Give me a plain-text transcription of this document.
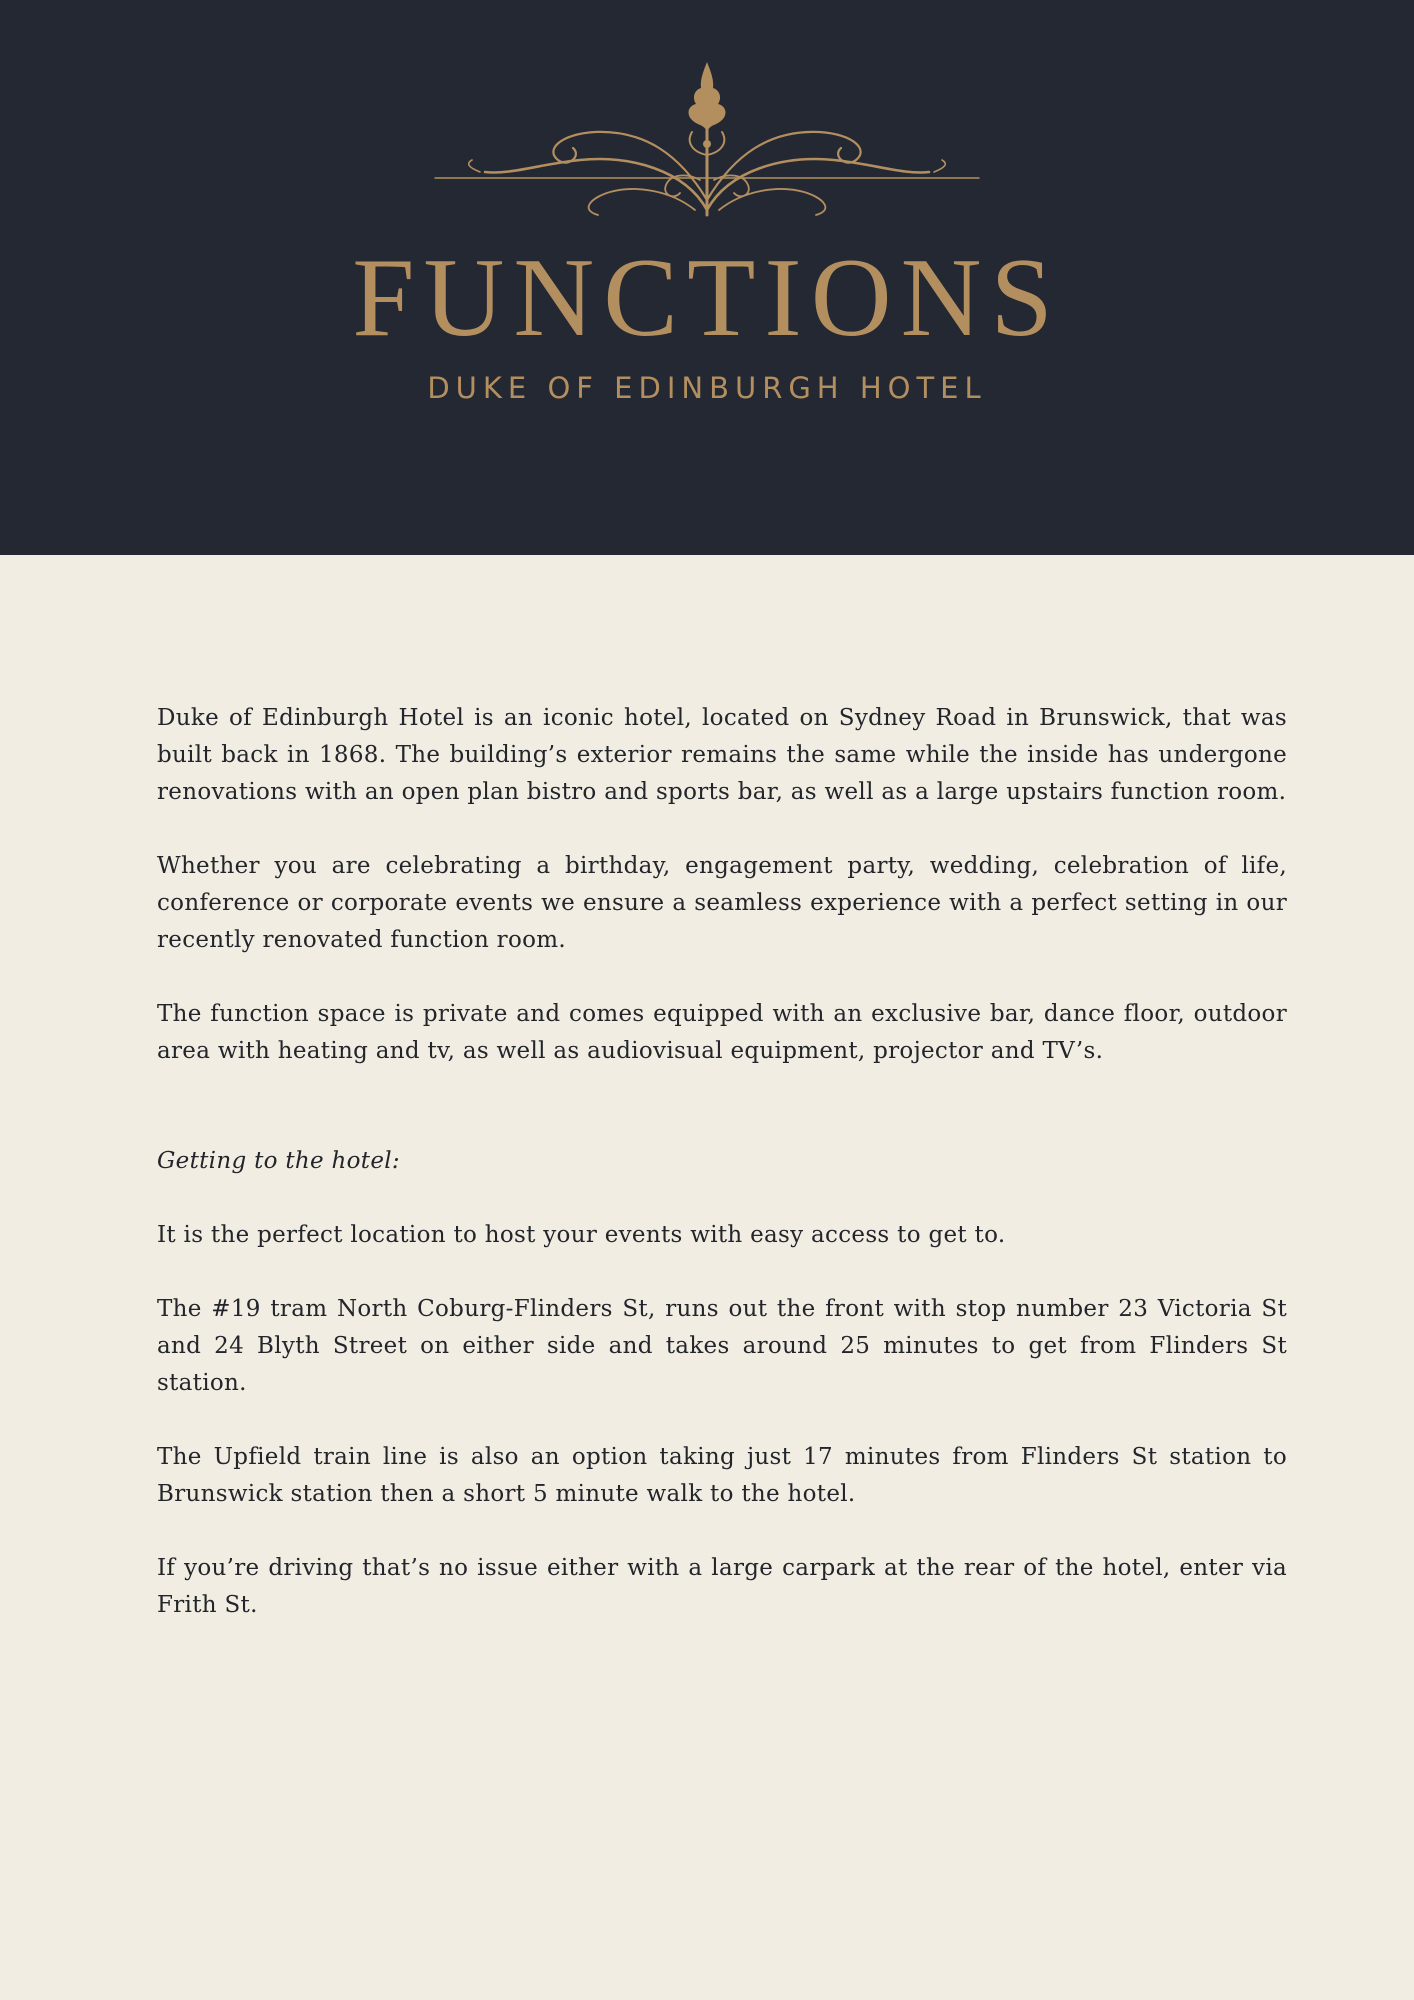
FUNCTIONS
DUKE OF EDINBURGH HOTEL

Duke of Edinburgh Hotel is an iconic hotel, located on Sydney Road in Brunswick, that was built back in 1868. The building’s exterior remains the same while the inside has undergone renovations with an open plan bistro and sports bar, as well as a large upstairs function room.

Whether you are celebrating a birthday, engagement party, wedding, celebration of life, conference or corporate events we ensure a seamless experience with a perfect setting in our recently renovated function room.

The function space is private and comes equipped with an exclusive bar, dance floor, outdoor area with heating and tv, as well as audiovisual equipment, projector and TV’s.

Getting to the hotel:

It is the perfect location to host your events with easy access to get to.

The #19 tram North Coburg-Flinders St, runs out the front with stop number 23 Victoria St and 24 Blyth Street on either side and takes around 25 minutes to get from Flinders St station.

The Upfield train line is also an option taking just 17 minutes from Flinders St station to Brunswick station then a short 5 minute walk to the hotel.

If you’re driving that’s no issue either with a large carpark at the rear of the hotel, enter via Frith St.
